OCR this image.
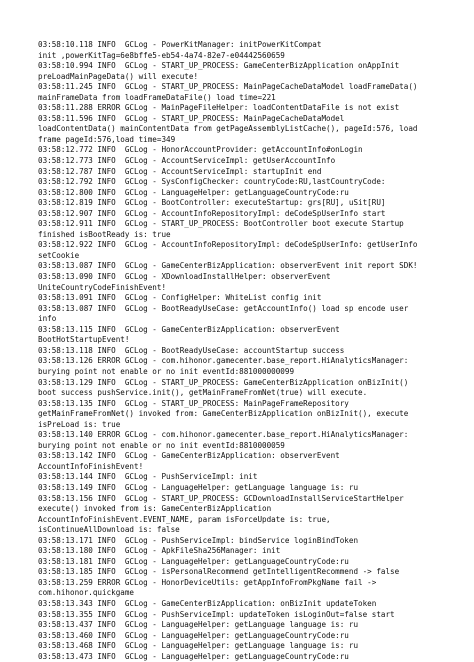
03:58:10.118 INFO  GCLog - PowerKitManager: initPowerKitCompat
init ,powerKitTag=6e8bffe5-eb54-4a74-82e7-e04442560659
03:58:10.994 INFO  GCLog - START_UP_PROCESS: GameCenterBizApplication onAppInit
preLoadMainPageData() will execute!
03:58:11.245 INFO  GCLog - START_UP_PROCESS: MainPageCacheDataModel loadFrameData()
mainFrameData from loadFrameDataFile() load time=221
03:58:11.288 ERROR GCLog - MainPageFileHelper: loadContentDataFile is not exist
03:58:11.596 INFO  GCLog - START_UP_PROCESS: MainPageCacheDataModel
loadContentData() mainContentData from getPageAssemblyListCache(), pageId:576, load
frame pageId:576,load time=349
03:58:12.772 INFO  GCLog - HonorAccountProvider: getAccountInfo#onLogin
03:58:12.773 INFO  GCLog - AccountServiceImpl: getUserAccountInfo
03:58:12.787 INFO  GCLog - AccountServiceImpl: startupInit end
03:58:12.792 INFO  GCLog - SysConfigChecker: countryCode:RU,lastCountryCode:
03:58:12.800 INFO  GCLog - LanguageHelper: getLanguageCountryCode:ru
03:58:12.819 INFO  GCLog - BootController: executeStartup: grs[RU], uSit[RU]
03:58:12.907 INFO  GCLog - AccountInfoRepositoryImpl: deCodeSpUserInfo start
03:58:12.911 INFO  GCLog - START_UP_PROCESS: BootController boot execute Startup
finished isBootReady is: true
03:58:12.922 INFO  GCLog - AccountInfoRepositoryImpl: deCodeSpUserInfo: getUserInfo
setCookie
03:58:13.087 INFO  GCLog - GameCenterBizApplication: observerEvent init report SDK!
03:58:13.090 INFO  GCLog - XDownloadInstallHelper: observerEvent
UniteCountryCodeFinishEvent!
03:58:13.091 INFO  GCLog - ConfigHelper: WhiteList config init
03:58:13.087 INFO  GCLog - BootReadyUseCase: getAccountInfo() load sp encode user
info
03:58:13.115 INFO  GCLog - GameCenterBizApplication: observerEvent
BootHotStartupEvent!
03:58:13.118 INFO  GCLog - BootReadyUseCase: accountStartup success
03:58:13.126 ERROR GCLog - com.hihonor.gamecenter.base_report.HiAnalyticsManager:
burying point not enable or no init eventId:881000000099
03:58:13.129 INFO  GCLog - START_UP_PROCESS: GameCenterBizApplication onBizInit()
boot success pushService.init(), getMainFrameFromNet(true) will execute.
03:58:13.135 INFO  GCLog - START_UP_PROCESS: MainPageFrameRepository
getMainFrameFromNet() invoked from: GameCenterBizApplication onBizInit(), execute
isPreLoad is: true
03:58:13.140 ERROR GCLog - com.hihonor.gamecenter.base_report.HiAnalyticsManager:
burying point not enable or no init eventId:8810000059
03:58:13.142 INFO  GCLog - GameCenterBizApplication: observerEvent
AccountInfoFinishEvent!
03:58:13.144 INFO  GCLog - PushServiceImpl: init
03:58:13.149 INFO  GCLog - LanguageHelper: getLanguage language is: ru
03:58:13.156 INFO  GCLog - START_UP_PROCESS: GCDownloadInstallServiceStartHelper
execute() invoked from is: GameCenterBizApplication
AccountInfoFinishEvent.EVENT_NAME, param isForceUpdate is: true,
isContinueAllDownload is: false
03:58:13.171 INFO  GCLog - PushServiceImpl: bindService loginBindToken
03:58:13.180 INFO  GCLog - ApkFileSha256Manager: init
03:58:13.181 INFO  GCLog - LanguageHelper: getLanguageCountryCode:ru
03:58:13.185 INFO  GCLog - isPersonalRecommend getIntelligentRecommend -> false
03:58:13.259 ERROR GCLog - HonorDeviceUtils: getAppInfoFromPkgName fail ->
com.hihonor.quickgame
03:58:13.343 INFO  GCLog - GameCenterBizApplication: onBizInit updateToken
03:58:13.355 INFO  GCLog - PushServiceImpl: updateToken isLoginOut=false start
03:58:13.437 INFO  GCLog - LanguageHelper: getLanguage language is: ru
03:58:13.460 INFO  GCLog - LanguageHelper: getLanguageCountryCode:ru
03:58:13.468 INFO  GCLog - LanguageHelper: getLanguage language is: ru
03:58:13.473 INFO  GCLog - LanguageHelper: getLanguageCountryCode:ru
